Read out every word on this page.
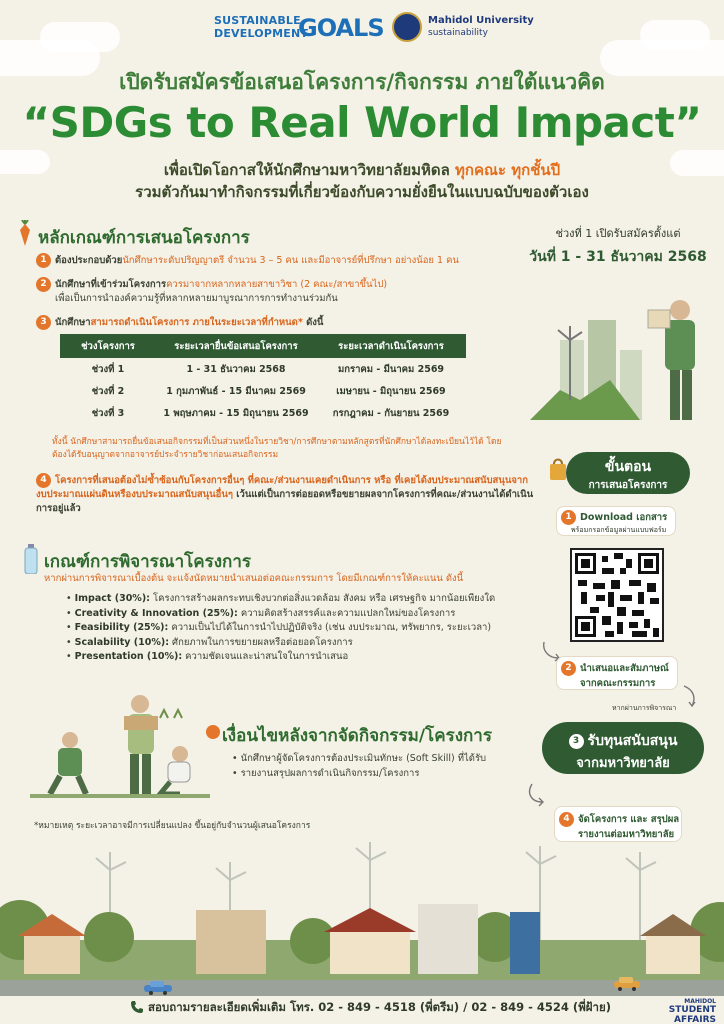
SUSTAINABLE
DEVELOPMENT
GOALS	Mahidol University
sustainability
เปิดรับสมัครข้อเสนอโครงการ/กิจกรรม ภายใต้แนวคิด
“SDGs to Real World Impact”
เพื่อเปิดโอกาสให้นักศึกษามหาวิทยาลัยมหิดล ทุกคณะ ทุกชั้นปี
รวมตัวกันมาทำกิจกรรมที่เกี่ยวข้องกับความยั่งยืนในแบบฉบับของตัวเอง
หลักเกณฑ์การเสนอโครงการ
1 ต้องประกอบด้วยนักศึกษาระดับปริญญาตรี จำนวน 3 – 5 คน และมีอาจารย์ที่ปรึกษา อย่างน้อย 1 คน
2 นักศึกษาที่เข้าร่วมโครงการควรมาจากหลากหลายสาขาวิชา (2 คณะ/สาขาขึ้นไป)
เพื่อเป็นการนำองค์ความรู้ที่หลากหลายมาบูรณาการการทำงานร่วมกัน
3 นักศึกษาสามารถดำเนินโครงการ ภายในระยะเวลาที่กำหนด* ดังนี้
ช่วงโครงการ	ระยะเวลายื่นข้อเสนอโครงการ	ระยะเวลาดำเนินโครงการ
ช่วงที่ 1	1 - 31 ธันวาคม 2568	มกราคม - มีนาคม 2569
ช่วงที่ 2	1 กุมภาพันธ์ - 15 มีนาคม 2569	เมษายน - มิถุนายน 2569
ช่วงที่ 3	1 พฤษภาคม - 15 มิถุนายน 2569	กรกฎาคม - กันยายน 2569
ทั้งนี้ นักศึกษาสามารถยื่นข้อเสนอกิจกรรมที่เป็นส่วนหนึ่งในรายวิชา/การศึกษาตามหลักสูตรที่นักศึกษาได้ลงทะเบียนไว้ได้ โดยต้องได้รับอนุญาตจากอาจารย์ประจำรายวิชาก่อนเสนอกิจกรรม
4 โครงการที่เสนอต้องไม่ซ้ำซ้อนกับโครงการอื่นๆ ที่คณะ/ส่วนงานเคยดำเนินการ หรือ ที่เคยได้งบประมาณสนับสนุนจากงบประมาณแผ่นดินหรืองบประมาณสนับสนุนอื่นๆ เว้นแต่เป็นการต่อยอดหรือขยายผลจากโครงการที่คณะ/ส่วนงานได้ดำเนินการอยู่แล้ว
ช่วงที่ 1 เปิดรับสมัครตั้งแต่
วันที่ 1 - 31 ธันวาคม 2568
เกณฑ์การพิจารณาโครงการ
หากผ่านการพิจารณาเบื้องต้น จะแจ้งนัดหมายนำเสนอต่อคณะกรรมการ โดยมีเกณฑ์การให้คะแนน ดังนี้
• Impact (30%): โครงการสร้างผลกระทบเชิงบวกต่อสิ่งแวดล้อม สังคม หรือ เศรษฐกิจ มากน้อยเพียงใด
• Creativity & Innovation (25%): ความคิดสร้างสรรค์และความแปลกใหม่ของโครงการ
• Feasibility (25%): ความเป็นไปได้ในการนำไปปฏิบัติจริง (เช่น งบประมาณ, ทรัพยากร, ระยะเวลา)
• Scalability (10%): ศักยภาพในการขยายผลหรือต่อยอดโครงการ
• Presentation (10%): ความชัดเจนและน่าสนใจในการนำเสนอ
เงื่อนไขหลังจากจัดกิจกรรม/โครงการ
• นักศึกษาผู้จัดโครงการต้องประเมินทักษะ (Soft Skill) ที่ได้รับ
• รายงานสรุปผลการดำเนินกิจกรรม/โครงการ
*หมายเหตุ ระยะเวลาอาจมีการเปลี่ยนแปลง ขึ้นอยู่กับจำนวนผู้เสนอโครงการ
ขั้นตอน
การเสนอโครงการ
1 Download เอกสาร
พร้อมกรอกข้อมูลผ่านแบบฟอร์ม
2 นำเสนอและสัมภาษณ์
จากคณะกรรมการ
หากผ่านการพิจารณา
3 รับทุนสนับสนุน
จากมหาวิทยาลัย
4 จัดโครงการ และ สรุปผล
รายงานต่อมหาวิทยาลัย
สอบถามรายละเอียดเพิ่มเติม โทร. 02 - 849 - 4518 (พี่ตรีม) / 02 - 849 - 4524 (พี่ฝ้าย)	MAHIDOL
STUDENT AFFAIRS
